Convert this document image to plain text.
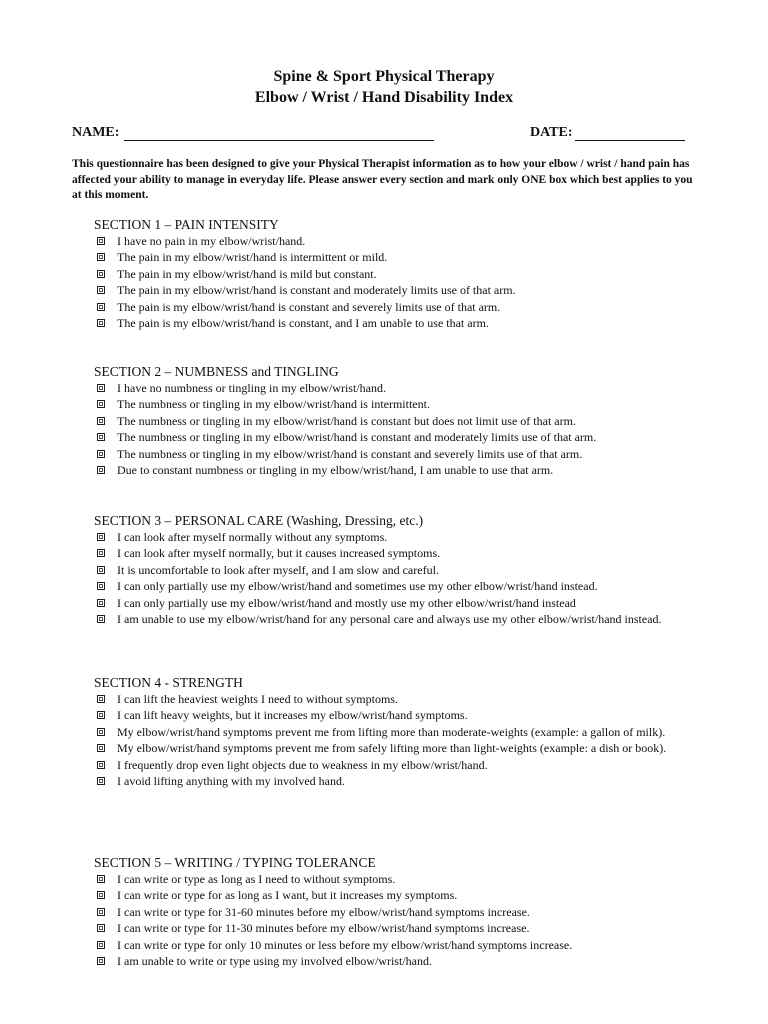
Spine & Sport Physical Therapy
Elbow / Wrist / Hand Disability Index
NAME:	DATE:
This questionnaire has been designed to give your Physical Therapist information as to how your elbow / wrist / hand pain has affected your ability to manage in everyday life. Please answer every section and mark only ONE box which best applies to you at this moment.
SECTION 1 – PAIN INTENSITY
I have no pain in my elbow/wrist/hand.
The pain in my elbow/wrist/hand is intermittent or mild.
The pain in my elbow/wrist/hand is mild but constant.
The pain in my elbow/wrist/hand is constant and moderately limits use of that arm.
The pain is my elbow/wrist/hand is constant and severely limits use of that arm.
The pain is my elbow/wrist/hand is constant, and I am unable to use that arm.
SECTION 2 – NUMBNESS and TINGLING
I have no numbness or tingling in my elbow/wrist/hand.
The numbness or tingling in my elbow/wrist/hand is intermittent.
The numbness or tingling in my elbow/wrist/hand is constant but does not limit use of that arm.
The numbness or tingling in my elbow/wrist/hand is constant and moderately limits use of that arm.
The numbness or tingling in my elbow/wrist/hand is constant and severely limits use of that arm.
Due to constant numbness or tingling in my elbow/wrist/hand, I am unable to use that arm.
SECTION 3 – PERSONAL CARE (Washing, Dressing, etc.)
I can look after myself normally without any symptoms.
I can look after myself normally, but it causes increased symptoms.
It is uncomfortable to look after myself, and I am slow and careful.
I can only partially use my elbow/wrist/hand and sometimes use my other elbow/wrist/hand instead.
I can only partially use my elbow/wrist/hand and mostly use my other elbow/wrist/hand instead
I am unable to use my elbow/wrist/hand for any personal care and always use my other elbow/wrist/hand instead.
SECTION 4 - STRENGTH
I can lift the heaviest weights I need to without symptoms.
I can lift heavy weights, but it increases my elbow/wrist/hand symptoms.
My elbow/wrist/hand symptoms prevent me from lifting more than moderate-weights (example: a gallon of milk).
My elbow/wrist/hand symptoms prevent me from safely lifting more than light-weights (example: a dish or book).
I frequently drop even light objects due to weakness in my elbow/wrist/hand.
I avoid lifting anything with my involved hand.
SECTION 5 – WRITING / TYPING TOLERANCE
I can write or type as long as I need to without symptoms.
I can write or type for as long as I want, but it increases my symptoms.
I can write or type for 31-60 minutes before my elbow/wrist/hand symptoms increase.
I can write or type for 11-30 minutes before my elbow/wrist/hand symptoms increase.
I can write or type for only 10 minutes or less before my elbow/wrist/hand symptoms increase.
I am unable to write or type using my involved elbow/wrist/hand.
